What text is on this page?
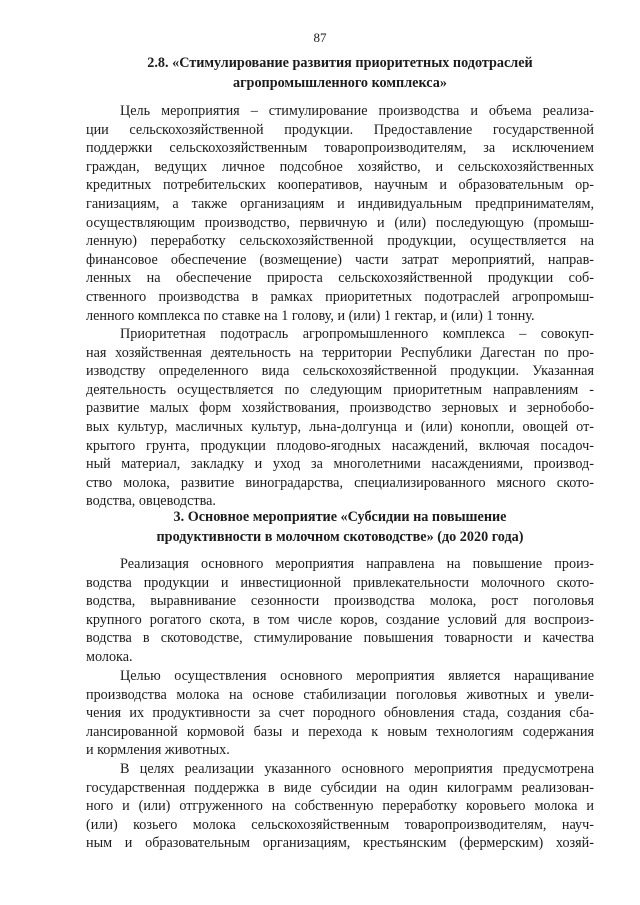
87
2.8. «Стимулирование развития приоритетных подотраслей
агропромышленного комплекса»
Цель мероприятия – стимулирование производства и объема реализа-
ции сельскохозяйственной продукции. Предоставление государственной
поддержки сельскохозяйственным товаропроизводителям, за исключением
граждан, ведущих личное подсобное хозяйство, и сельскохозяйственных
кредитных потребительских кооперативов, научным и образовательным ор-
ганизациям, а также организациям и индивидуальным предпринимателям,
осуществляющим производство, первичную и (или) последующую (промыш-
ленную) переработку сельскохозяйственной продукции, осуществляется на
финансовое обеспечение (возмещение) части затрат мероприятий, направ-
ленных на обеспечение прироста сельскохозяйственной продукции соб-
ственного производства в рамках приоритетных подотраслей агропромыш-
ленного комплекса по ставке на 1 голову, и (или) 1 гектар, и (или) 1 тонну.
Приоритетная подотрасль агропромышленного комплекса – совокуп-
ная хозяйственная деятельность на территории Республики Дагестан по про-
изводству определенного вида сельскохозяйственной продукции. Указанная
деятельность осуществляется по следующим приоритетным направлениям -
развитие малых форм хозяйствования, производство зерновых и зернобобо-
вых культур, масличных культур, льна-долгунца и (или) конопли, овощей от-
крытого грунта, продукции плодово-ягодных насаждений, включая посадоч-
ный материал, закладку и уход за многолетними насаждениями, производ-
ство молока, развитие виноградарства, специализированного мясного ското-
водства, овцеводства.
3. Основное мероприятие «Субсидии на повышение
продуктивности в молочном скотоводстве» (до 2020 года)
Реализация основного мероприятия направлена на повышение произ-
водства продукции и инвестиционной привлекательности молочного ското-
водства, выравнивание сезонности производства молока, рост поголовья
крупного рогатого скота, в том числе коров, создание условий для воспроиз-
водства в скотоводстве, стимулирование повышения товарности и качества
молока.
Целью осуществления основного мероприятия является наращивание
производства молока на основе стабилизации поголовья животных и увели-
чения их продуктивности за счет породного обновления стада, создания сба-
лансированной кормовой базы и перехода к новым технологиям содержания
и кормления животных.
В целях реализации указанного основного мероприятия предусмотрена
государственная поддержка в виде субсидии на один килограмм реализован-
ного и (или) отгруженного на собственную переработку коровьего молока и
(или) козьего молока сельскохозяйственным товаропроизводителям, науч-
ным и образовательным организациям, крестьянским (фермерским) хозяй-
